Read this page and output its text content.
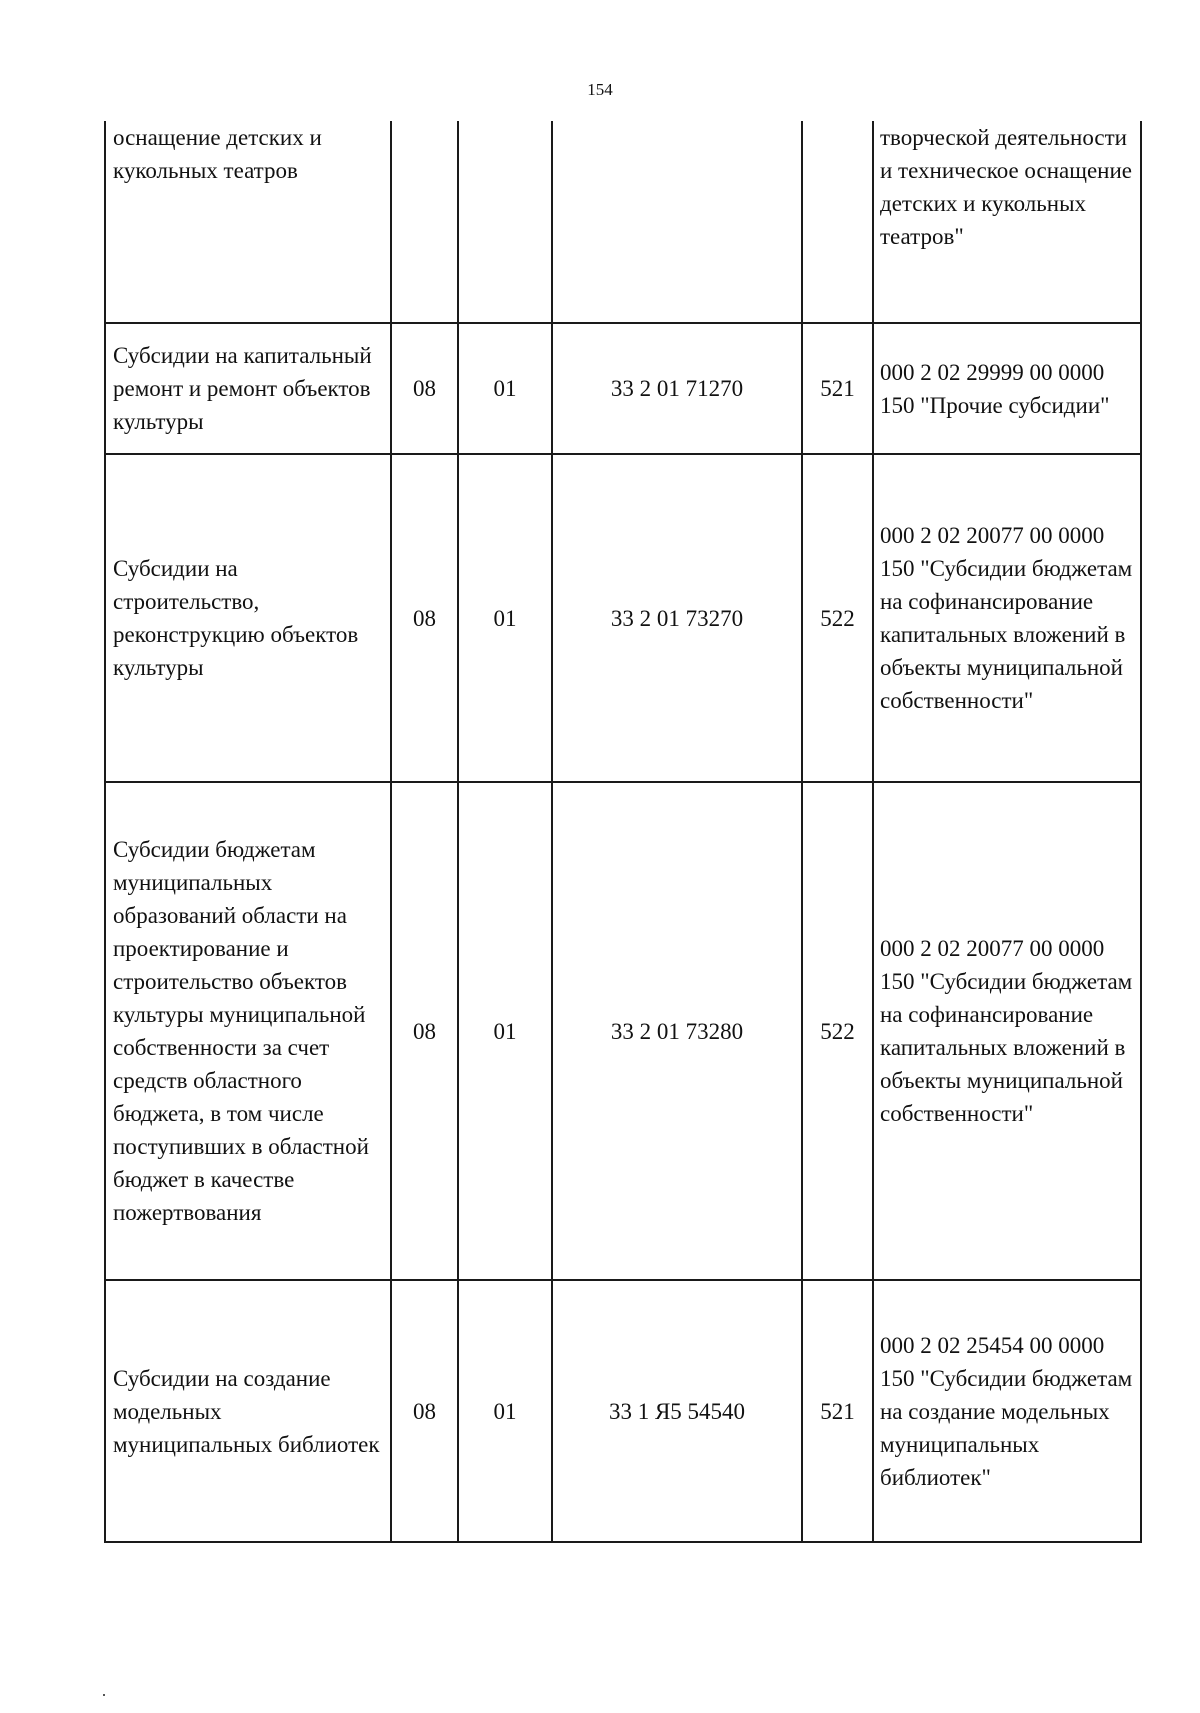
154
оснащение детских и кукольных театров					творческой деятельности и техническое оснащение детских и кукольных театров"
Субсидии на капитальный ремонт и ремонт объектов культуры	08	01	33 2 01 71270	521	000 2 02 29999 00 0000 150 "Прочие субсидии"
Субсидии на строительство, реконструкцию объектов культуры	08	01	33 2 01 73270	522	000 2 02 20077 00 0000 150 "Субсидии бюджетам на софинансирование капитальных вложений в объекты муниципальной собственности"
Субсидии бюджетам муниципальных образований области на проектирование и строительство объектов культуры муниципальной собственности за счет средств областного бюджета, в том числе поступивших в областной бюджет в качестве пожертвования	08	01	33 2 01 73280	522	000 2 02 20077 00 0000 150 "Субсидии бюджетам на софинансирование капитальных вложений в объекты муниципальной собственности"
Субсидии на создание модельных муниципальных библиотек	08	01	33 1 Я5 54540	521	000 2 02 25454 00 0000 150 "Субсидии бюджетам на создание модельных муниципальных библиотек"
